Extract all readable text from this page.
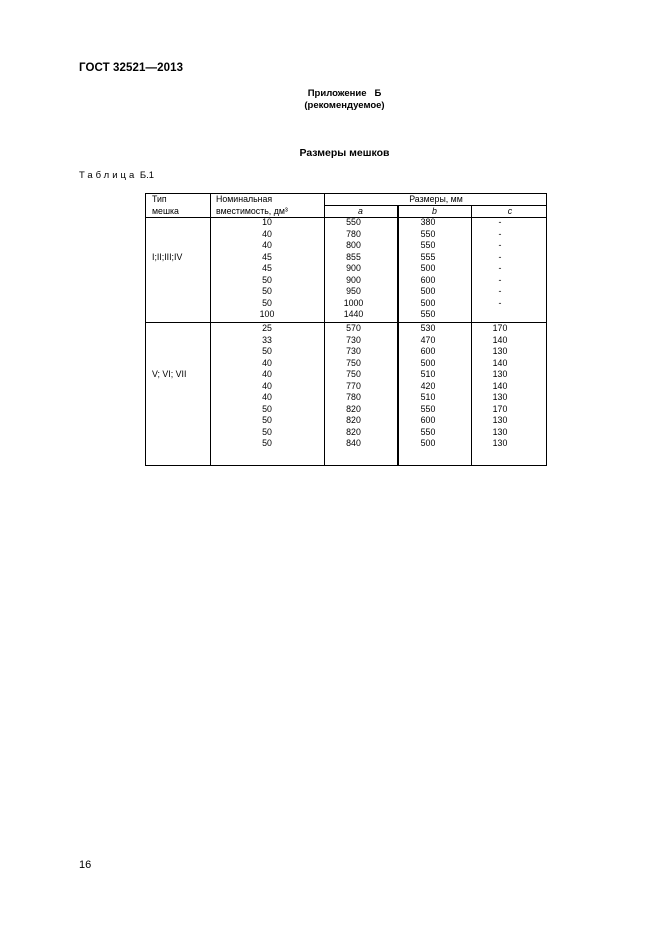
ГОСТ 32521—2013
Приложение   Б
(рекомендуемое)
Размеры мешков
Таблица Б.1
Тип
мешка
Номинальная
вместимость, дм³
Размеры, мм
a	b	c
I;II;III;IV
10
40
40
45
45
50
50
50
100
550
780
800
855
900
900
950
1000
1440
380
550
550
555
500
600
500
500
550
-
-
-
-
-
-
-
-
V; VI; VII
25
33
50
40
40
40
40
50
50
50
50
570
730
730
750
750
770
780
820
820
820
840
530
470
600
500
510
420
510
550
600
550
500
170
140
130
140
130
140
130
170
130
130
130
16
